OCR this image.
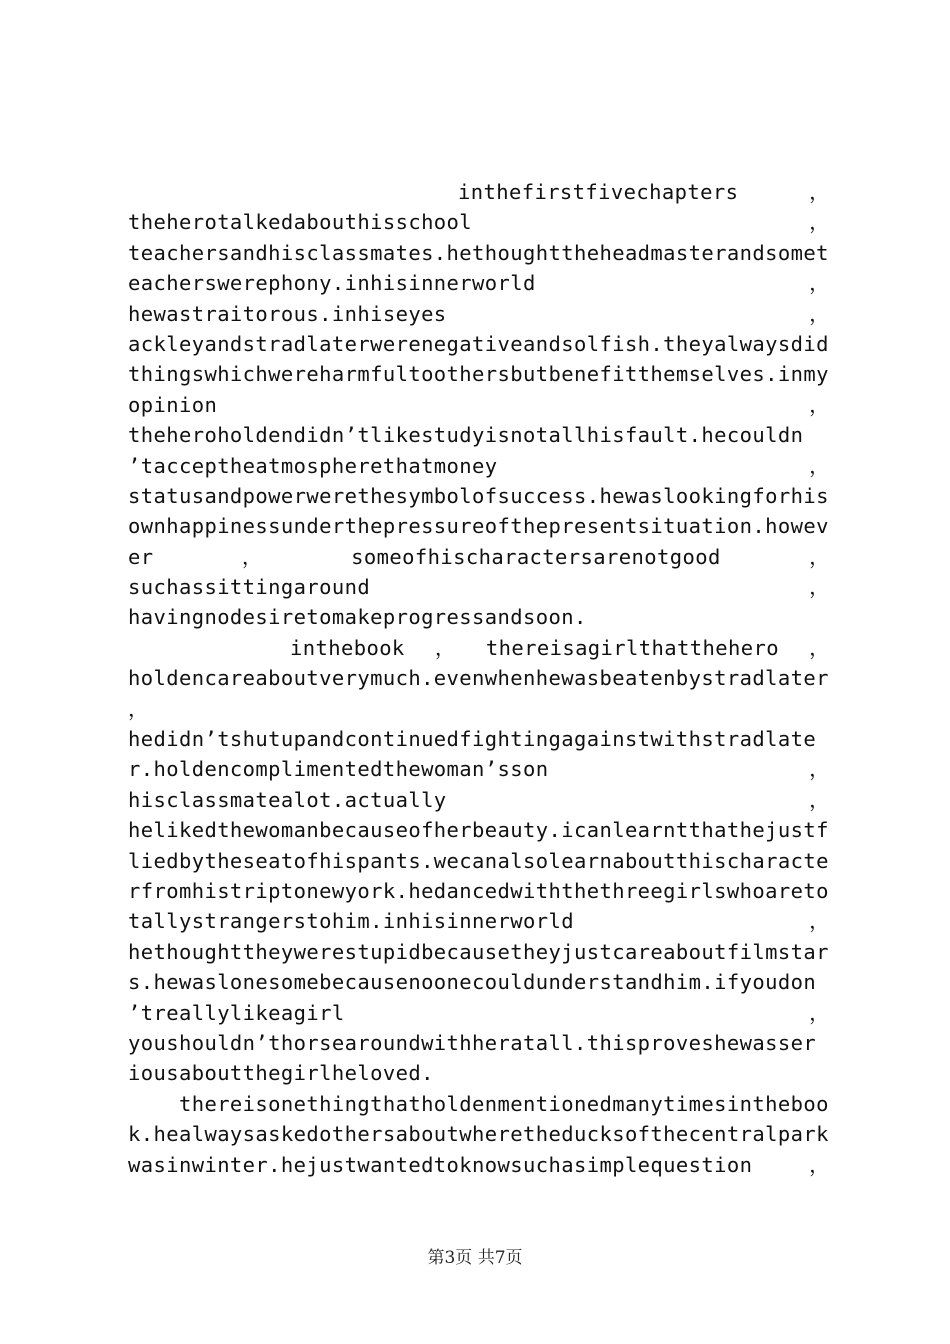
inthefirstfivechapters	，
theherotalkedabouthisschool	，
teachersandhisclassmates.hethoughttheheadmasterandsomet
eacherswerephony.inhisinnerworld	，
hewastraitorous.inhiseyes	，
ackleyandstradlaterwerenegativeandsolfish.theyalwaysdid
thingswhichwereharmfultoothersbutbenefitthemselves.inmy
opinion	，
theheroholdendidn’tlikestudyisnotallhisfault.hecouldn
’tacceptheatmospherethatmoney	，
statusandpowerwerethesymbolofsuccess.hewaslookingforhis
ownhappinessunderthepressureofthepresentsituation.howev
er	，	someofhischaractersarenotgood	，
suchassittingaround	，
havingnodesiretomakeprogressandsoon.
inthebook ， thereisagirlthatthehero ，
holdencareaboutverymuch.evenwhenhewasbeatenbystradlater
，
hedidn’tshutupandcontinuedfightingagainstwithstradlate
r.holdencomplimentedthewoman’sson	，
hisclassmatealot.actually	，
helikedthewomanbecauseofherbeauty.icanlearntthathejustf
liedbytheseatofhispants.wecanalsolearnaboutthischaracte
rfromhistriptonewyork.hedancedwiththethreegirlswhoareto
tallystrangerstohim.inhisinnerworld	，
hethoughttheywerestupidbecausetheyjustcareaboutfilmstar
s.hewaslonesomebecausenoonecouldunderstandhim.ifyoudon
’treallylikeagirl	，
youshouldn’thorsearoundwithheratall.thisproveshewasser
iousaboutthegirlheloved.
thereisonethingthatholdenmentionedmanytimesintheboo
k.healwaysaskedothersaboutwheretheducksofthecentralpark
wasinwinter.hejustwantedtoknowsuchasimplequestion	，
第3页 共7页
